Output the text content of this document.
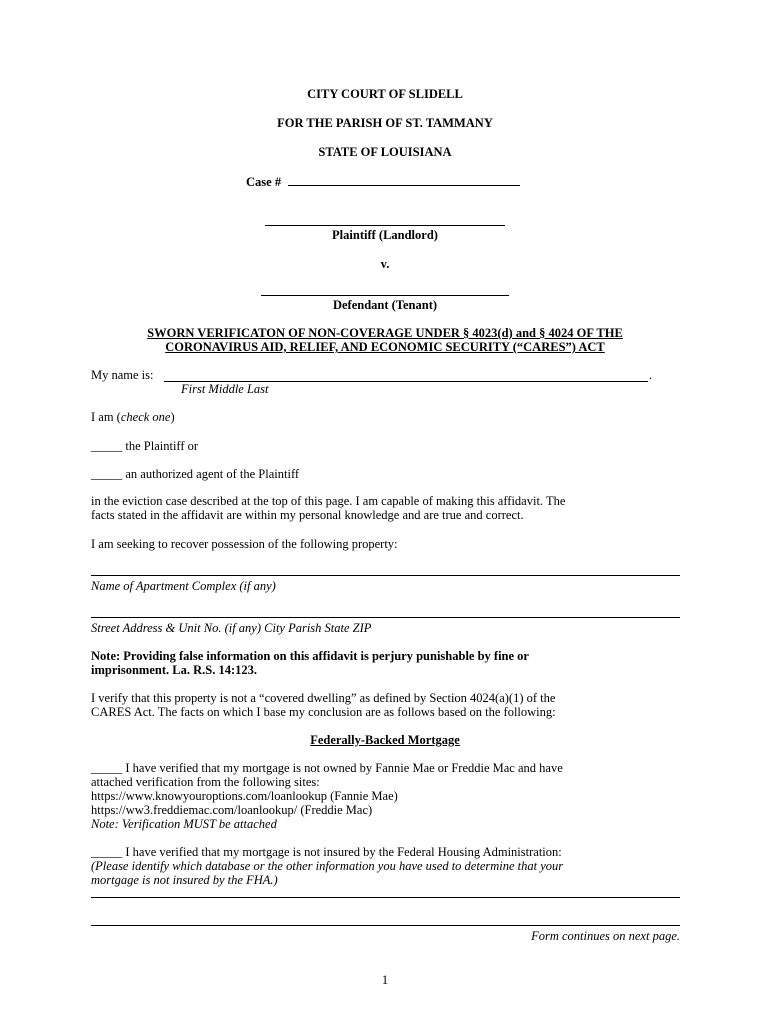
CITY COURT OF SLIDELL
FOR THE PARISH OF ST. TAMMANY
STATE OF LOUISIANA
Case #
Plaintiff (Landlord)
v.
Defendant (Tenant)
SWORN VERIFICATON OF NON-COVERAGE UNDER § 4023(d) and § 4024 OF THE
CORONAVIRUS AID, RELIEF, AND ECONOMIC SECURITY (“CARES”) ACT
My name is:	.
First Middle Last
I am (check one)
_____ the Plaintiff or
_____ an authorized agent of the Plaintiff
in the eviction case described at the top of this page. I am capable of making this affidavit. The
facts stated in the affidavit are within my personal knowledge and are true and correct.
I am seeking to recover possession of the following property:
Name of Apartment Complex (if any)
Street Address & Unit No. (if any) City Parish State ZIP
Note: Providing false information on this affidavit is perjury punishable by fine or
imprisonment. La. R.S. 14:123.
I verify that this property is not a “covered dwelling” as defined by Section 4024(a)(1) of the
CARES Act. The facts on which I base my conclusion are as follows based on the following:
Federally-Backed Mortgage
_____ I have verified that my mortgage is not owned by Fannie Mae or Freddie Mac and have
attached verification from the following sites:
https://www.knowyouroptions.com/loanlookup (Fannie Mae)
https://ww3.freddiemac.com/loanlookup/ (Freddie Mac)
Note: Verification MUST be attached
_____ I have verified that my mortgage is not insured by the Federal Housing Administration:
(Please identify which database or the other information you have used to determine that your
mortgage is not insured by the FHA.)
Form continues on next page.
1
